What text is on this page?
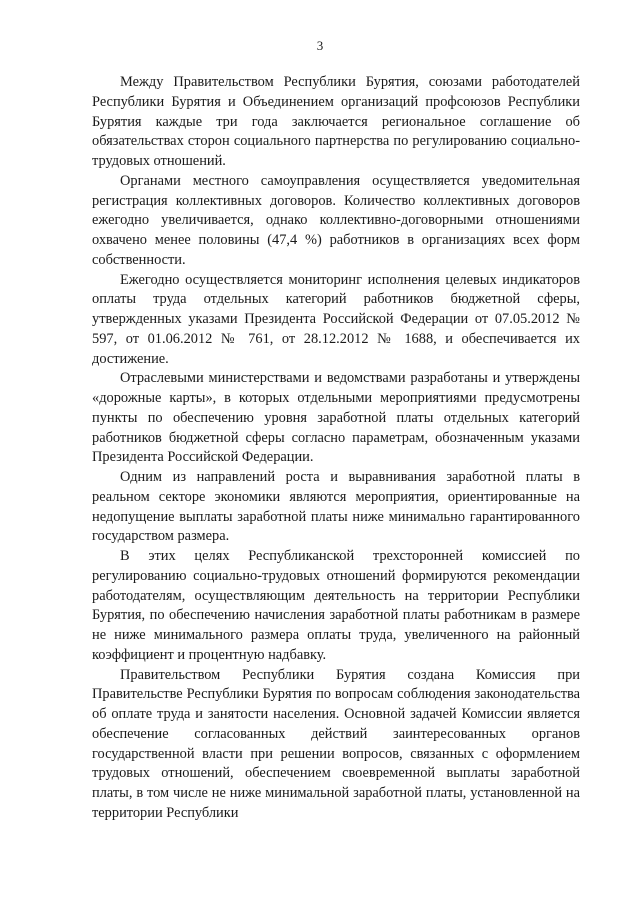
3

Между Правительством Республики Бурятия, союзами работодателей Республики Бурятия и Объединением организаций профсоюзов Республики Бурятия каждые три года заключается региональное соглашение об обязательствах сторон социального партнерства по регулированию социально-трудовых отношений.

Органами местного самоуправления осуществляется уведомительная регистрация коллективных договоров. Количество коллективных договоров ежегодно увеличивается, однако коллективно-договорными отношениями охвачено менее половины (47,4 %) работников в организациях всех форм собственности.

Ежегодно осуществляется мониторинг исполнения целевых индикаторов оплаты труда отдельных категорий работников бюджетной сферы, утвержденных указами Президента Российской Федерации от 07.05.2012 № 597, от 01.06.2012 № 761, от 28.12.2012 № 1688, и обеспечивается их достижение.

Отраслевыми министерствами и ведомствами разработаны и утверждены «дорожные карты», в которых отдельными мероприятиями предусмотрены пункты по обеспечению уровня заработной платы отдельных категорий работников бюджетной сферы согласно параметрам, обозначенным указами Президента Российской Федерации.

Одним из направлений роста и выравнивания заработной платы в реальном секторе экономики являются мероприятия, ориентированные на недопущение выплаты заработной платы ниже минимально гарантированного государством размера.

В этих целях Республиканской трехсторонней комиссией по регулированию социально-трудовых отношений формируются рекомендации работодателям, осуществляющим деятельность на территории Республики Бурятия, по обеспечению начисления заработной платы работникам в размере не ниже минимального размера оплаты труда, увеличенного на районный коэффициент и процентную надбавку.

Правительством Республики Бурятия создана Комиссия при Правительстве Республики Бурятия по вопросам соблюдения законодательства об оплате труда и занятости населения. Основной задачей Комиссии является обеспечение согласованных действий заинтересованных органов государственной власти при решении вопросов, связанных с оформлением трудовых отношений, обеспечением своевременной выплаты заработной платы, в том числе не ниже минимальной заработной платы, установленной на территории Республики
